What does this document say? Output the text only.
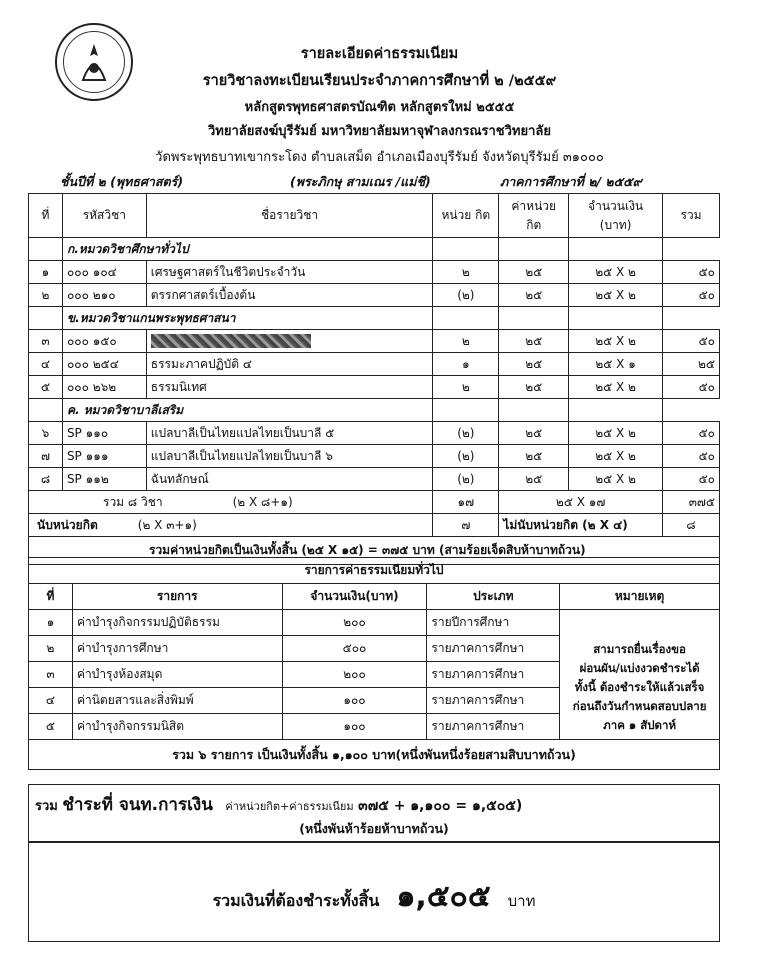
รายละเอียดค่าธรรมเนียม
รายวิชาลงทะเบียนเรียนประจำภาคการศึกษาที่ ๒ /๒๕๕๙
หลักสูตรพุทธศาสตรบัณฑิต หลักสูตรใหม่ ๒๕๕๕
วิทยาลัยสงฆ์บุรีรัมย์ มหาวิทยาลัยมหาจุฬาลงกรณราชวิทยาลัย
วัดพระพุทธบาทเขากระโดง ตำบลเสม็ด อำเภอเมืองบุรีรัมย์ จังหวัดบุรีรัมย์ ๓๑๐๐๐
ชั้นปีที่ ๒ (พุทธศาสตร์)	(พระภิกษุ สามเณร /แม่ชี)	ภาคการศึกษาที่ ๒/ ๒๕๕๙
ที่	รหัสวิชา	ชื่อรายวิชา	หน่วย กิต	ค่าหน่วย กิต	จำนวนเงิน (บาท)	รวม
	ก.หมวดวิชาศึกษาทั่วไป					
๑	๐๐๐ ๑๐๔	เศรษฐศาสตร์ในชีวิตประจำวัน	๒	๒๕	๒๕ X ๒	๕๐
๒	๐๐๐ ๒๑๐	ตรรกศาสตร์เบื้องต้น	(๒)	๒๕	๒๕ X ๒	๕๐
	ข.หมวดวิชาแกนพระพุทธศาสนา					
๓	๐๐๐ ๑๕๐		๒	๒๕	๒๕ X ๒	๕๐
๔	๐๐๐ ๒๕๔	ธรรมะภาคปฏิบัติ ๔	๑	๒๕	๒๕ X ๑	๒๕
๕	๐๐๐ ๒๖๒	ธรรมนิเทศ	๒	๒๕	๒๕ X ๒	๕๐
	ค. หมวดวิชาบาลีเสริม					
๖	SP ๑๑๐	แปลบาลีเป็นไทยแปลไทยเป็นบาลี ๕	(๒)	๒๕	๒๕ X ๒	๕๐
๗	SP ๑๑๑	แปลบาลีเป็นไทยแปลไทยเป็นบาลี ๖	(๒)	๒๕	๒๕ X ๒	๕๐
๘	SP ๑๑๒	ฉันทลักษณ์	(๒)	๒๕	๒๕ X ๒	๕๐
รวม ๘ วิชา (๒ X ๘+๑)			๑๗	๒๕ X ๑๗		๓๗๕
นับหน่วยกิต (๒ X ๓+๑)			๗	ไม่นับหน่วยกิต (๒ X ๔)		๘
รวมค่าหน่วยกิตเป็นเงินทั้งสิ้น (๒๕ X ๑๕) = ๓๗๕ บาท (สามร้อยเจ็ดสิบห้าบาทถ้วน)						
รายการค่าธรรมเนียมทั่วไป				
ที่	รายการ	จำนวนเงิน(บาท)	ประเภท	หมายเหตุ
๑	ค่าบำรุงกิจกรรมปฏิบัติธรรม	๒๐๐	รายปีการศึกษา	
๒	ค่าบำรุงการศึกษา	๕๐๐	รายภาคการศึกษา	สามารถยื่นเรื่องขอ
ผ่อนผัน/แบ่งงวดชำระได้
ทั้งนี้ ต้องชำระให้แล้วเสร็จ
ก่อนถึงวันกำหนดสอบปลาย
ภาค ๑ สัปดาห์

๓	ค่าบำรุงห้องสมุด	๒๐๐	รายภาคการศึกษา	
๔	ค่านิตยสารและสิ่งพิมพ์	๑๐๐	รายภาคการศึกษา	
๕	ค่าบำรุงกิจกรรมนิสิต	๑๐๐	รายภาคการศึกษา	
รวม ๖ รายการ เป็นเงินทั้งสิ้น ๑,๑๐๐ บาท(หนึ่งพันหนึ่งร้อยสามสิบบาทถ้วน)				
รวม ชำระที่ จนท.การเงิน ค่าหน่วยกิต+ค่าธรรมเนียม ๓๗๕ + ๑,๑๐๐ = ๑,๕๐๕)
(หนึ่งพันห้าร้อยห้าบาทถ้วน)
รวมเงินที่ต้องชำระทั้งสิ้น ๑,๕๐๕ บาท
